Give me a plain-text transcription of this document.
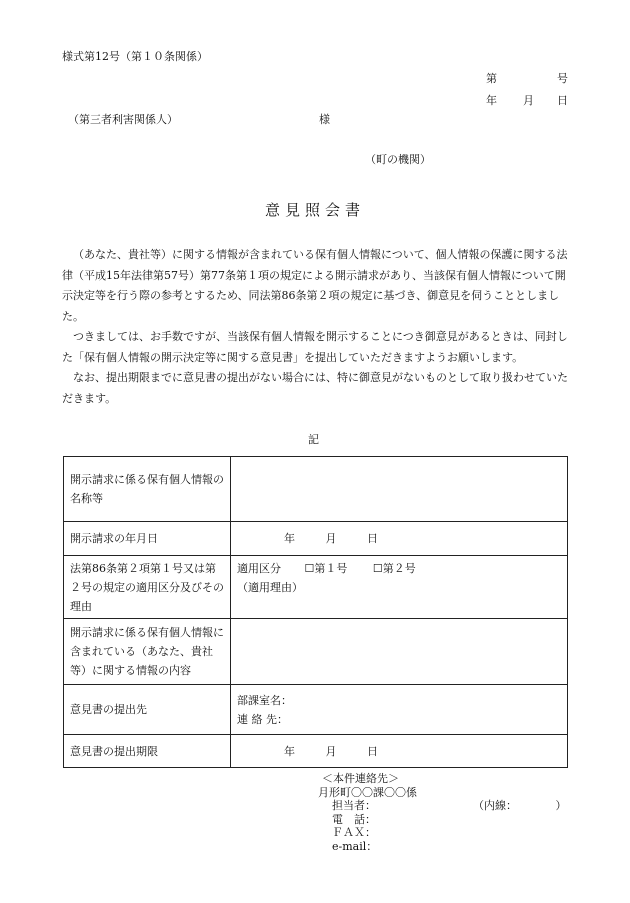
様式第12号（第１０条関係）
第	号
年 月 日
（第三者利害関係人）	様
（町の機関）
意見照会書

（あなた、貴社等）に関する情報が含まれている保有個人情報について、個人情報の保護に関する法律（平成15年法律第57号）第77条第１項の規定による開示請求があり、当該保有個人情報について開示決定等を行う際の参考とするため、同法第86条第２項の規定に基づき、御意見を伺うこととしました。

つきましては、お手数ですが、当該保有個人情報を開示することにつき御意見があるときは、同封した「保有個人情報の開示決定等に関する意見書」を提出していただきますようお願いします。

なお、提出期限までに意見書の提出がない場合には、特に御意見がないものとして取り扱わせていただきます。

記
開示請求に係る保有個人情報の名称等	
開示請求の年月日	年 月 日
法第86条第２項第１号又は第２号の規定の適用区分及びその理由	適用区分 ☐第１号 ☐第２号
（適用理由）

開示請求に係る保有個人情報に含まれている（あなた、貴社等）に関する情報の内容	
意見書の提出先	部課室名：
連 絡 先：

意見書の提出期限	年 月 日
＜本件連絡先＞
月形町〇〇課〇〇係
担当者：	（内線：　　　　）
電　話：
ＦＡＸ：
e-mail：
